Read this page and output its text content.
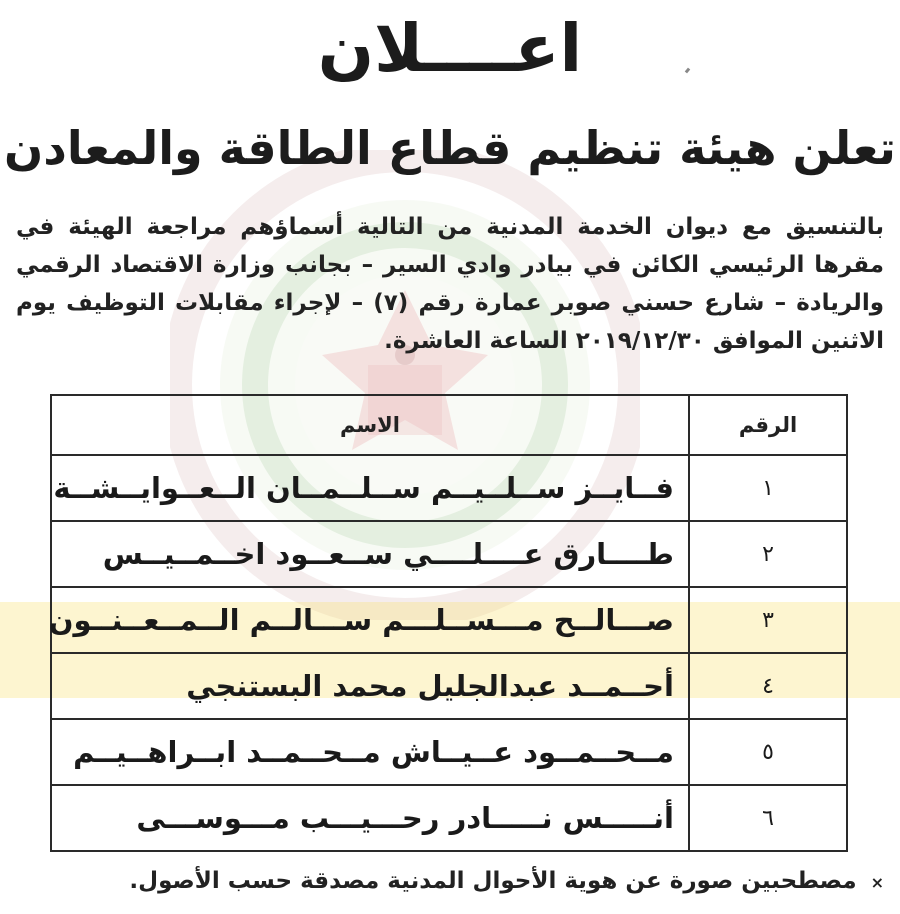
اعــــلان
تعلن هيئة تنظيم قطاع الطاقة والمعادن
بالتنسيق مع ديوان الخدمة المدنية من التالية أسماؤهم مراجعة الهيئة في مقرها الرئيسي الكائن في بيادر وادي السير – بجانب وزارة الاقتصاد الرقمي والريادة – شارع حسني صوبر عمارة رقم (٧) – لإجراء مقابلات التوظيف يوم الاثنين الموافق ٢٠١٩/١٢/٣٠ الساعة العاشرة.
الرقم	الاسم
١	فــايــز ســلــيــم ســلــمــان الــعــوايــشــة
٢	طــــارق عــــلــــي ســعــود اخــمــيــس
٣	صـــالــح مـــســلـــم ســـالــم الــمــعــنــون
٤	أحــمــد عبدالجليل محمد البستنجي
٥	مــحــمــود عــيــاش مــحــمــد ابــراهــيــم
٦	أنـــــس نـــــادر رحـــيـــب مـــوســـى
× مصطحبين صورة عن هوية الأحوال المدنية مصدقة حسب الأصول.
